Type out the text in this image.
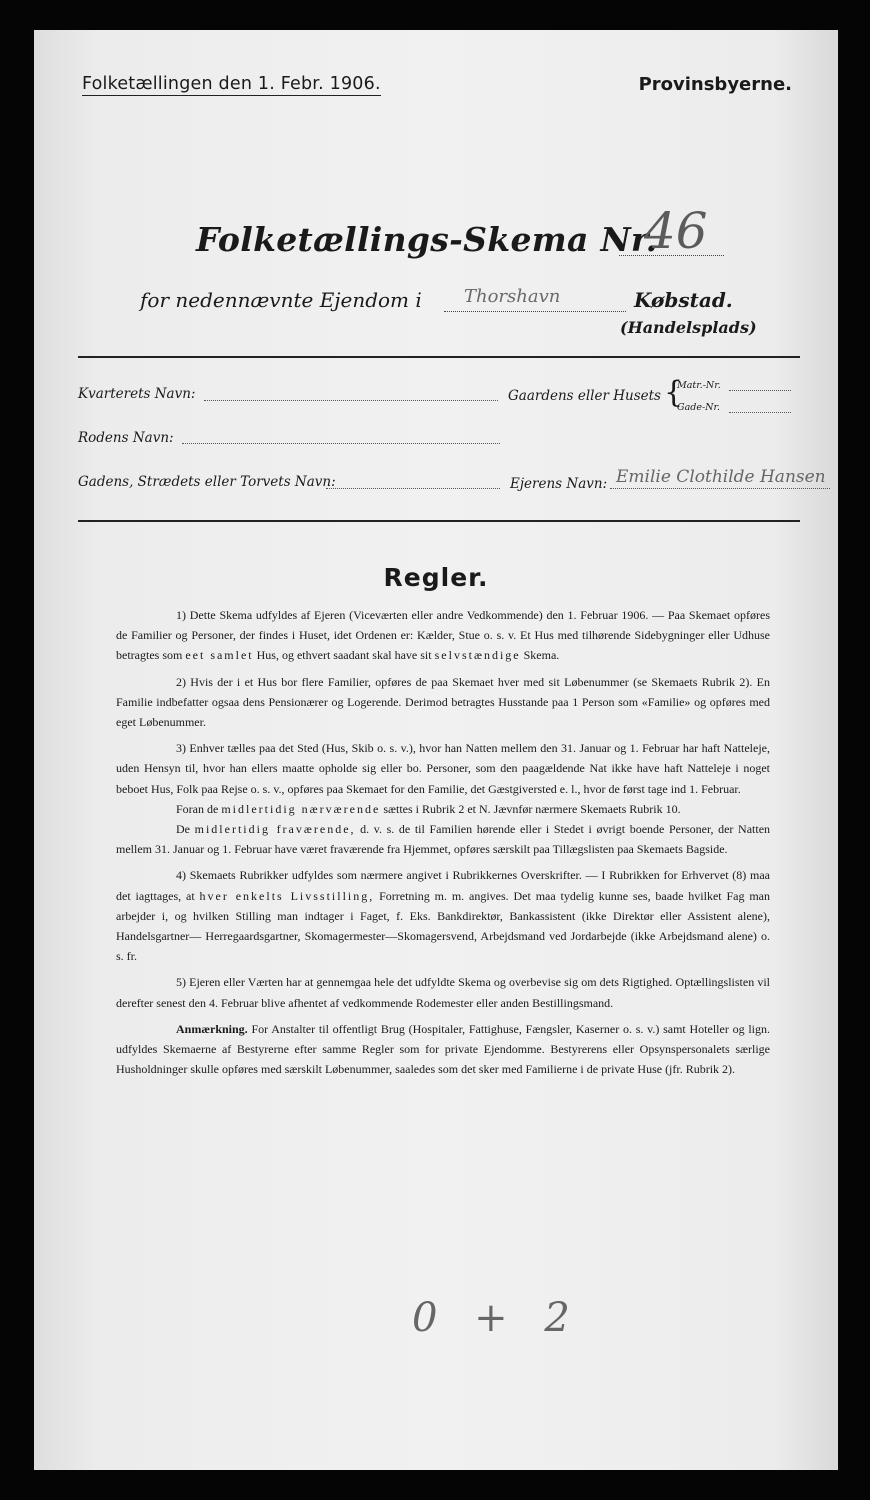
Folketællingen den 1. Febr. 1906.	Provinsbyerne.
Folketællings-Skema Nr.
46
for nedennævnte Ejendom i Thorshavn	Købstad.
(Handelsplads)
Kvarterets Navn:	Gaardens eller Husets {
Matr.-Nr.
Gade-Nr.
Rodens Navn:
Gadens, Strædets eller Torvets Navn:	Ejerens Navn: Emilie Clothilde Hansen
Regler.

1) Dette Skema udfyldes af Ejeren (Viceværten eller andre Vedkommende) den 1. Februar 1906. — Paa Skemaet opføres de Familier og Personer, der findes i Huset, idet Ordenen er: Kælder, Stue o. s. v. Et Hus med tilhørende Sidebygninger eller Udhuse betragtes som eet samlet Hus, og ethvert saadant skal have sit selvstændige Skema.

2) Hvis der i et Hus bor flere Familier, opføres de paa Skemaet hver med sit Løbenummer (se Skemaets Rubrik 2). En Familie indbefatter ogsaa dens Pensionærer og Logerende. Derimod betragtes Husstande paa 1 Person som «Familie» og opføres med eget Løbenummer.

3) Enhver tælles paa det Sted (Hus, Skib o. s. v.), hvor han Natten mellem den 31. Januar og 1. Februar har haft Natteleje, uden Hensyn til, hvor han ellers maatte opholde sig eller bo. Personer, som den paagældende Nat ikke have haft Natteleje i noget beboet Hus, Folk paa Rejse o. s. v., opføres paa Skemaet for den Familie, det Gæstgiversted e. l., hvor de først tage ind 1. Februar.

Foran de midlertidig nærværende sættes i Rubrik 2 et N. Jævnfør nærmere Skemaets Rubrik 10.

De midlertidig fraværende, d. v. s. de til Familien hørende eller i Stedet i øvrigt boende Personer, der Natten mellem 31. Januar og 1. Februar have været fraværende fra Hjemmet, opføres særskilt paa Tillægslisten paa Skemaets Bagside.

4) Skemaets Rubrikker udfyldes som nærmere angivet i Rubrikkernes Overskrifter. — I Rubrikken for Erhvervet (8) maa det iagttages, at hver enkelts Livsstilling, Forretning m. m. angives. Det maa tydelig kunne ses, baade hvilket Fag man arbejder i, og hvilken Stilling man indtager i Faget, f. Eks. Bankdirektør, Bankassistent (ikke Direktør eller Assistent alene), Handelsgartner— Herregaardsgartner, Skomagermester—Skomagersvend, Arbejdsmand ved Jordarbejde (ikke Arbejdsmand alene) o. s. fr.

5) Ejeren eller Værten har at gennemgaa hele det udfyldte Skema og overbevise sig om dets Rigtighed. Optællingslisten vil derefter senest den 4. Februar blive afhentet af vedkommende Rodemester eller anden Bestillingsmand.

Anmærkning. For Anstalter til offentligt Brug (Hospitaler, Fattighuse, Fængsler, Kaserner o. s. v.) samt Hoteller og lign. udfyldes Skemaerne af Bestyrerne efter samme Regler som for private Ejendomme. Bestyrerens eller Opsynspersonalets særlige Husholdninger skulle opføres med særskilt Løbenummer, saaledes som det sker med Familierne i de private Huse (jfr. Rubrik 2).

0 + 2
